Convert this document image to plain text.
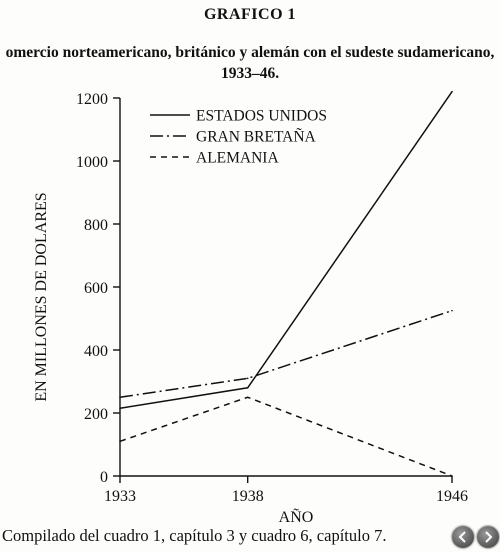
GRAFICO 1
omercio norteamericano, británico y alemán con el sudeste sudamericano,
1933–46.
0
200
400
600
800
1000
1200
1933	1938	1946
AÑO
EN MILLONES DE DOLARES
ESTADOS UNIDOS
GRAN BRETAÑA
ALEMANIA
Compilado del cuadro 1, capítulo 3 y cuadro 6, capítulo 7.
